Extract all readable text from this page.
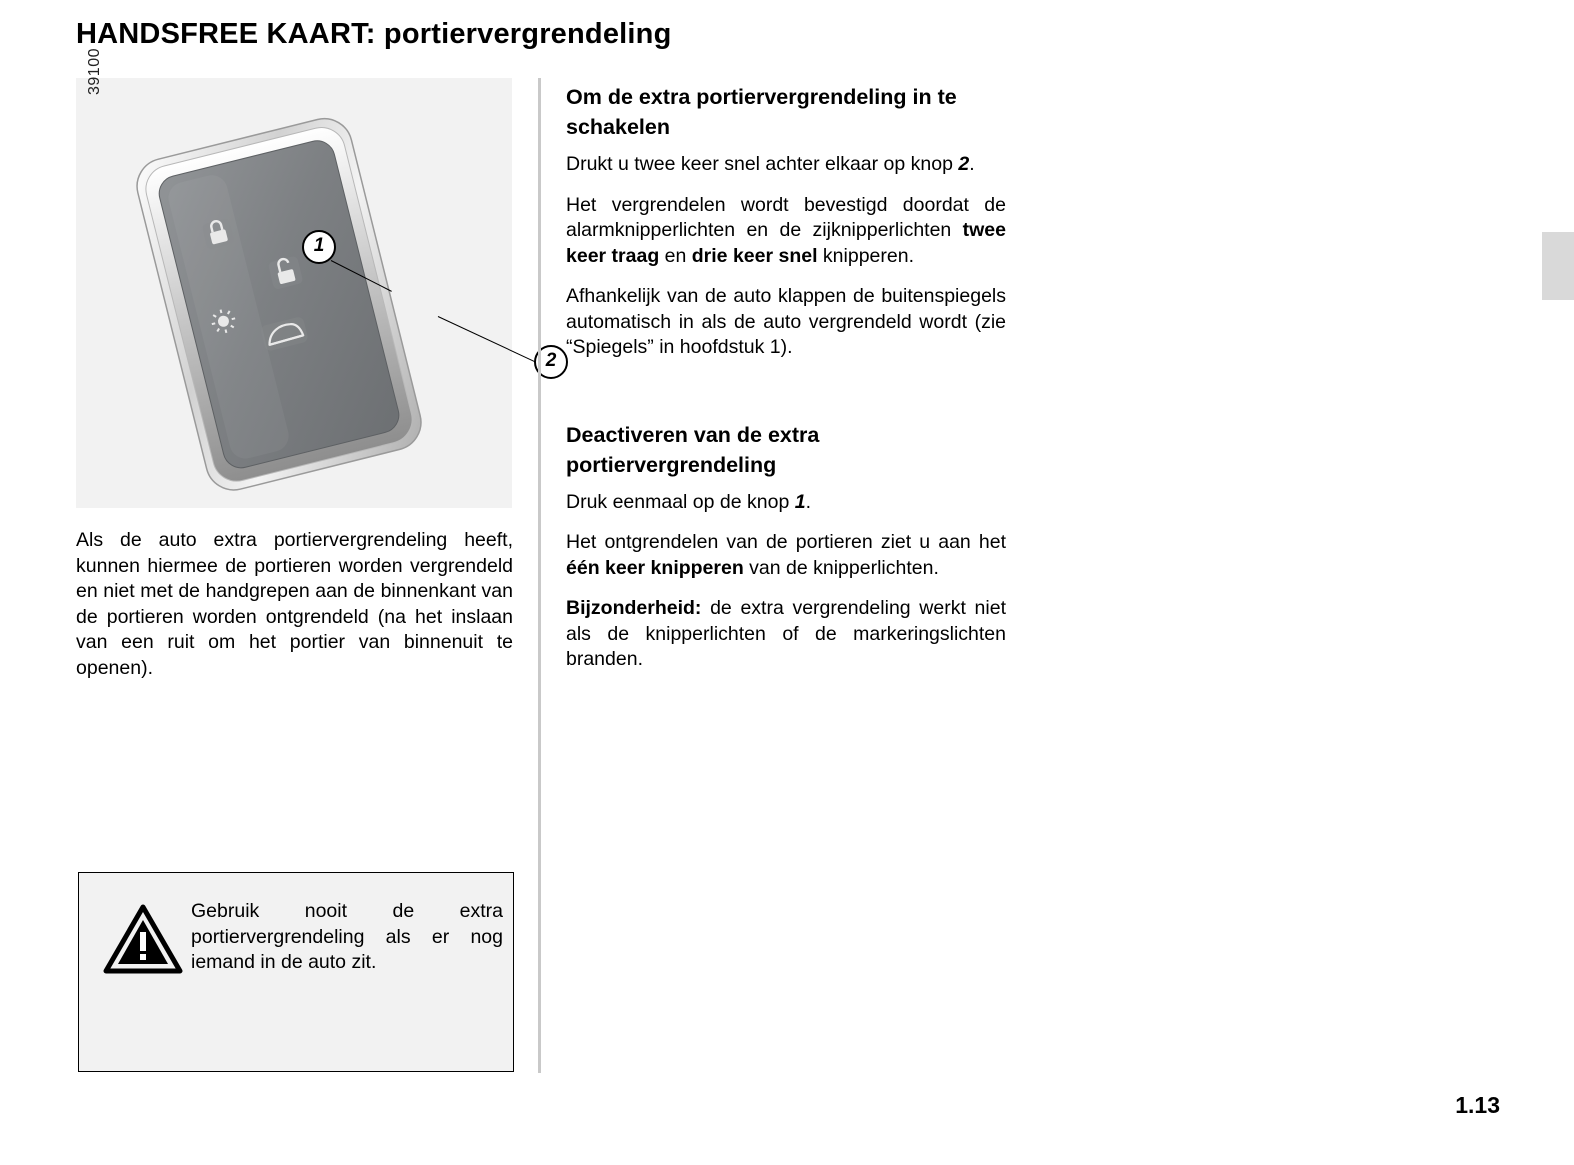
HANDSFREE KAART: portiervergrendeling
1
2
39100
Als de auto extra portiervergrendeling heeft, kunnen hiermee de portieren worden vergrendeld en niet met de handgrepen aan de binnenkant van de portieren worden ontgrendeld (na het inslaan van een ruit om het portier van binnenuit te openen).
Om de extra portiervergrendeling in te schakelen

Drukt u twee keer snel achter elkaar op knop 2.

Het vergrendelen wordt bevestigd doordat de alarmknipperlichten en de zijknipperlichten twee keer traag en drie keer snel knipperen.

Afhankelijk van de auto klappen de buitenspiegels automatisch in als de auto vergrendeld wordt (zie “Spiegels” in hoofdstuk 1).

Deactiveren van de extra portiervergrendeling

Druk eenmaal op de knop 1.

Het ontgrendelen van de portieren ziet u aan het één keer knipperen van de knipperlichten.

Bijzonderheid: de extra vergrendeling werkt niet als de knipperlichten of de markeringslichten branden.

Gebruik nooit de extra portiervergrendeling als er nog iemand in de auto zit.
1.13
